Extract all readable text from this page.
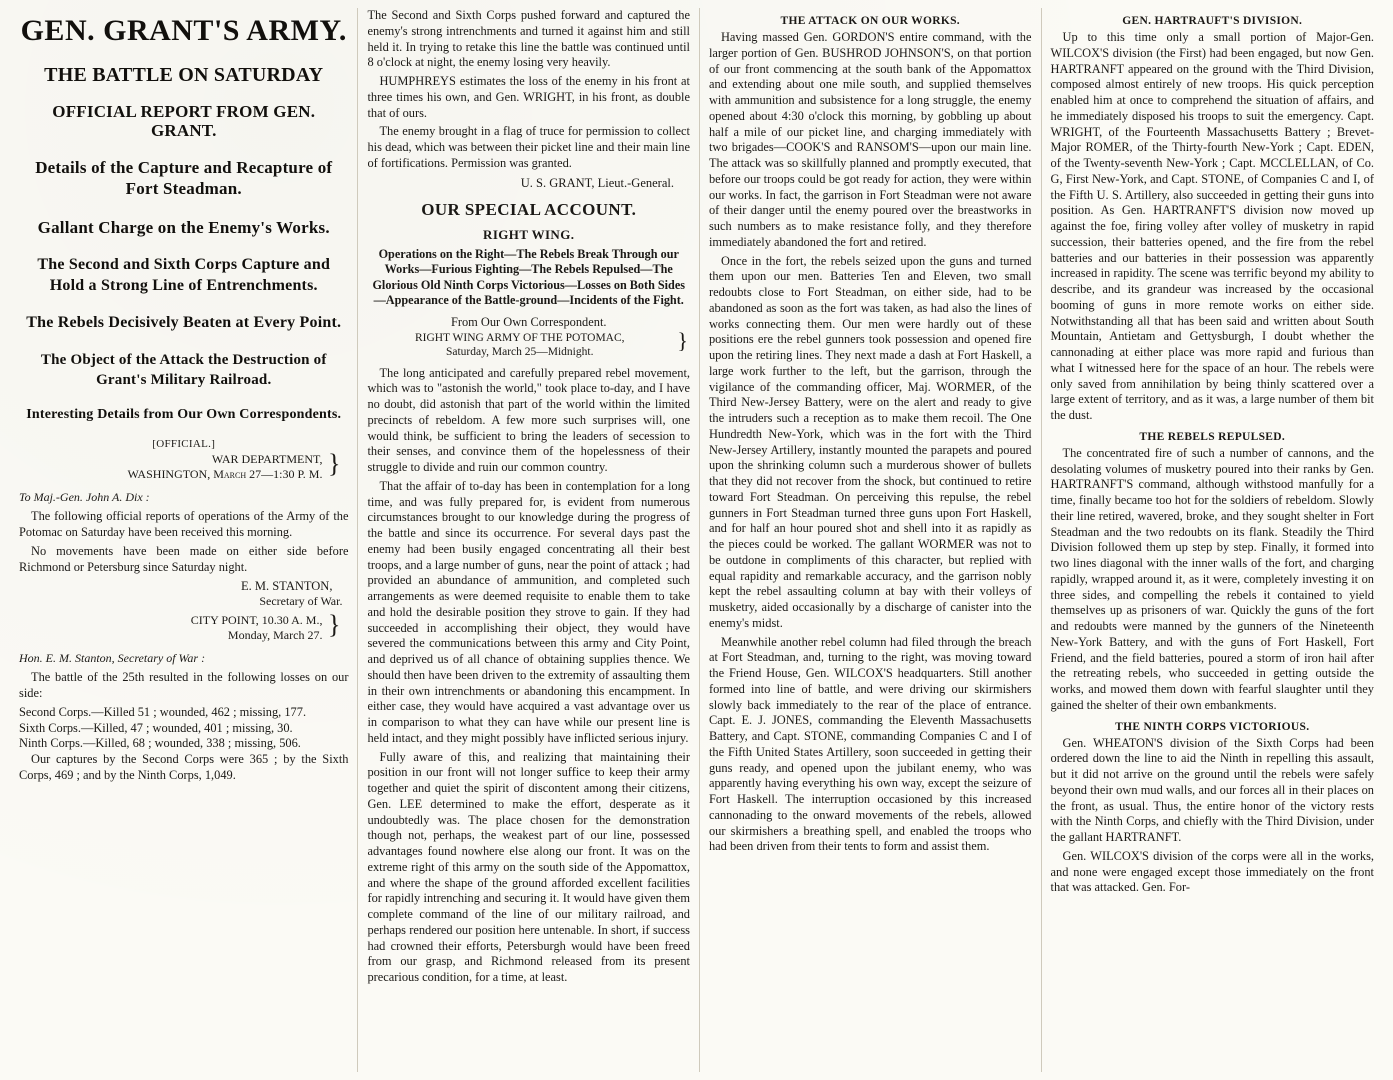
GEN. GRANT'S ARMY.
THE BATTLE ON SATURDAY
OFFICIAL REPORT FROM GEN. GRANT.
Details of the Capture and Recapture of Fort Steadman.
Gallant Charge on the Enemy's Works.
The Second and Sixth Corps Capture and Hold a Strong Line of Entrenchments.
The Rebels Decisively Beaten at Every Point.
The Object of the Attack the Destruction of Grant's Military Railroad.
Interesting Details from Our Own Correspondents.
[OFFICIAL.]
}
WAR DEPARTMENT,
WASHINGTON, March 27—1:30 P. M.
To Maj.-Gen. John A. Dix :

The following official reports of operations of the Army of the Potomac on Saturday have been received this morning.

No movements have been made on either side before Richmond or Petersburg since Saturday night.

E. M. STANTON,
Secretary of War.
}
CITY POINT, 10.30 A. M.,
Monday, March 27.
Hon. E. M. Stanton, Secretary of War :

The battle of the 25th resulted in the following losses on our side:

Second Corps.—Killed 51 ; wounded, 462 ; missing, 177.

Sixth Corps.—Killed, 47 ; wounded, 401 ; missing, 30.

Ninth Corps.—Killed, 68 ; wounded, 338 ; missing, 506.

Our captures by the Second Corps were 365 ; by the Sixth Corps, 469 ; and by the Ninth Corps, 1,049.

The Second and Sixth Corps pushed forward and captured the enemy's strong intrenchments and turned it against him and still held it. In trying to retake this line the battle was continued until 8 o'clock at night, the enemy losing very heavily.

HUMPHREYS estimates the loss of the enemy in his front at three times his own, and Gen. WRIGHT, in his front, as double that of ours.

The enemy brought in a flag of truce for permission to collect his dead, which was between their picket line and their main line of fortifications. Permission was granted.

U. S. GRANT, Lieut.-General.
OUR SPECIAL ACCOUNT.
RIGHT WING.
Operations on the Right—The Rebels Break Through our Works—Furious Fighting—The Rebels Repulsed—The Glorious Old Ninth Corps Victorious—Losses on Both Sides—Appearance of the Battle-ground—Incidents of the Fight.
From Our Own Correspondent.
}
RIGHT WING ARMY OF THE POTOMAC,
Saturday, March 25—Midnight.

The long anticipated and carefully prepared rebel movement, which was to "astonish the world," took place to-day, and I have no doubt, did astonish that part of the world within the limited precincts of rebeldom. A few more such surprises will, one would think, be sufficient to bring the leaders of secession to their senses, and convince them of the hopelessness of their struggle to divide and ruin our common country.

That the affair of to-day has been in contemplation for a long time, and was fully prepared for, is evident from numerous circumstances brought to our knowledge during the progress of the battle and since its occurrence. For several days past the enemy had been busily engaged concentrating all their best troops, and a large number of guns, near the point of attack ; had provided an abundance of ammunition, and completed such arrangements as were deemed requisite to enable them to take and hold the desirable position they strove to gain. If they had succeeded in accomplishing their object, they would have severed the communications between this army and City Point, and deprived us of all chance of obtaining supplies thence. We should then have been driven to the extremity of assaulting them in their own intrenchments or abandoning this encampment. In either case, they would have acquired a vast advantage over us in comparison to what they can have while our present line is held intact, and they might possibly have inflicted serious injury.

Fully aware of this, and realizing that maintaining their position in our front will not longer suffice to keep their army together and quiet the spirit of discontent among their citizens, Gen. LEE determined to make the effort, desperate as it undoubtedly was. The place chosen for the demonstration though not, perhaps, the weakest part of our line, possessed advantages found nowhere else along our front. It was on the extreme right of this army on the south side of the Appomattox, and where the shape of the ground afforded excellent facilities for rapidly intrenching and securing it. It would have given them complete command of the line of our military railroad, and perhaps rendered our position here untenable. In short, if success had crowned their efforts, Petersburgh would have been freed from our grasp, and Richmond released from its present precarious condition, for a time, at least.

THE ATTACK ON OUR WORKS.

Having massed Gen. GORDON'S entire command, with the larger portion of Gen. BUSHROD JOHNSON'S, on that portion of our front commencing at the south bank of the Appomattox and extending about one mile south, and supplied themselves with ammunition and subsistence for a long struggle, the enemy opened about 4:30 o'clock this morning, by gobbling up about half a mile of our picket line, and charging immediately with two brigades—COOK'S and RANSOM'S—upon our main line. The attack was so skillfully planned and promptly executed, that before our troops could be got ready for action, they were within our works. In fact, the garrison in Fort Steadman were not aware of their danger until the enemy poured over the breastworks in such numbers as to make resistance folly, and they therefore immediately abandoned the fort and retired.

Once in the fort, the rebels seized upon the guns and turned them upon our men. Batteries Ten and Eleven, two small redoubts close to Fort Steadman, on either side, had to be abandoned as soon as the fort was taken, as had also the lines of works connecting them. Our men were hardly out of these positions ere the rebel gunners took possession and opened fire upon the retiring lines. They next made a dash at Fort Haskell, a large work further to the left, but the garrison, through the vigilance of the commanding officer, Maj. WORMER, of the Third New-Jersey Battery, were on the alert and ready to give the intruders such a reception as to make them recoil. The One Hundredth New-York, which was in the fort with the Third New-Jersey Artillery, instantly mounted the parapets and poured upon the shrinking column such a murderous shower of bullets that they did not recover from the shock, but continued to retire toward Fort Steadman. On perceiving this repulse, the rebel gunners in Fort Steadman turned three guns upon Fort Haskell, and for half an hour poured shot and shell into it as rapidly as the pieces could be worked. The gallant WORMER was not to be outdone in compliments of this character, but replied with equal rapidity and remarkable accuracy, and the garrison nobly kept the rebel assaulting column at bay with their volleys of musketry, aided occasionally by a discharge of canister into the enemy's midst.

Meanwhile another rebel column had filed through the breach at Fort Steadman, and, turning to the right, was moving toward the Friend House, Gen. WILCOX'S headquarters. Still another formed into line of battle, and were driving our skirmishers slowly back immediately to the rear of the place of entrance. Capt. E. J. JONES, commanding the Eleventh Massachusetts Battery, and Capt. STONE, commanding Companies C and I of the Fifth United States Artillery, soon succeeded in getting their guns ready, and opened upon the jubilant enemy, who was apparently having everything his own way, except the seizure of Fort Haskell. The interruption occasioned by this increased cannonading to the onward movements of the rebels, allowed our skirmishers a breathing spell, and enabled the troops who had been driven from their tents to form and assist them.

GEN. HARTRAUFT'S DIVISION.

Up to this time only a small portion of Major-Gen. WILCOX'S division (the First) had been engaged, but now Gen. HARTRANFT appeared on the ground with the Third Division, composed almost entirely of new troops. His quick perception enabled him at once to comprehend the situation of affairs, and he immediately disposed his troops to suit the emergency. Capt. WRIGHT, of the Fourteenth Massachusetts Battery ; Brevet-Major ROMER, of the Thirty-fourth New-York ; Capt. EDEN, of the Twenty-seventh New-York ; Capt. MCCLELLAN, of Co. G, First New-York, and Capt. STONE, of Companies C and I, of the Fifth U. S. Artillery, also succeeded in getting their guns into position. As Gen. HARTRANFT'S division now moved up against the foe, firing volley after volley of musketry in rapid succession, their batteries opened, and the fire from the rebel batteries and our batteries in their possession was apparently increased in rapidity. The scene was terrific beyond my ability to describe, and its grandeur was increased by the occasional booming of guns in more remote works on either side. Notwithstanding all that has been said and written about South Mountain, Antietam and Gettysburgh, I doubt whether the cannonading at either place was more rapid and furious than what I witnessed here for the space of an hour. The rebels were only saved from annihilation by being thinly scattered over a large extent of territory, and as it was, a large number of them bit the dust.

THE REBELS REPULSED.

The concentrated fire of such a number of cannons, and the desolating volumes of musketry poured into their ranks by Gen. HARTRANFT'S command, although withstood manfully for a time, finally became too hot for the soldiers of rebeldom. Slowly their line retired, wavered, broke, and they sought shelter in Fort Steadman and the two redoubts on its flank. Steadily the Third Division followed them up step by step. Finally, it formed into two lines diagonal with the inner walls of the fort, and charging rapidly, wrapped around it, as it were, completely investing it on three sides, and compelling the rebels it contained to yield themselves up as prisoners of war. Quickly the guns of the fort and redoubts were manned by the gunners of the Nineteenth New-York Battery, and with the guns of Fort Haskell, Fort Friend, and the field batteries, poured a storm of iron hail after the retreating rebels, who succeeded in getting outside the works, and mowed them down with fearful slaughter until they gained the shelter of their own embankments.

THE NINTH CORPS VICTORIOUS.

Gen. WHEATON'S division of the Sixth Corps had been ordered down the line to aid the Ninth in repelling this assault, but it did not arrive on the ground until the rebels were safely beyond their own mud walls, and our forces all in their places on the front, as usual. Thus, the entire honor of the victory rests with the Ninth Corps, and chiefly with the Third Division, under the gallant HARTRANFT.

Gen. WILCOX'S division of the corps were all in the works, and none were engaged except those immediately on the front that was attacked. Gen. For-
